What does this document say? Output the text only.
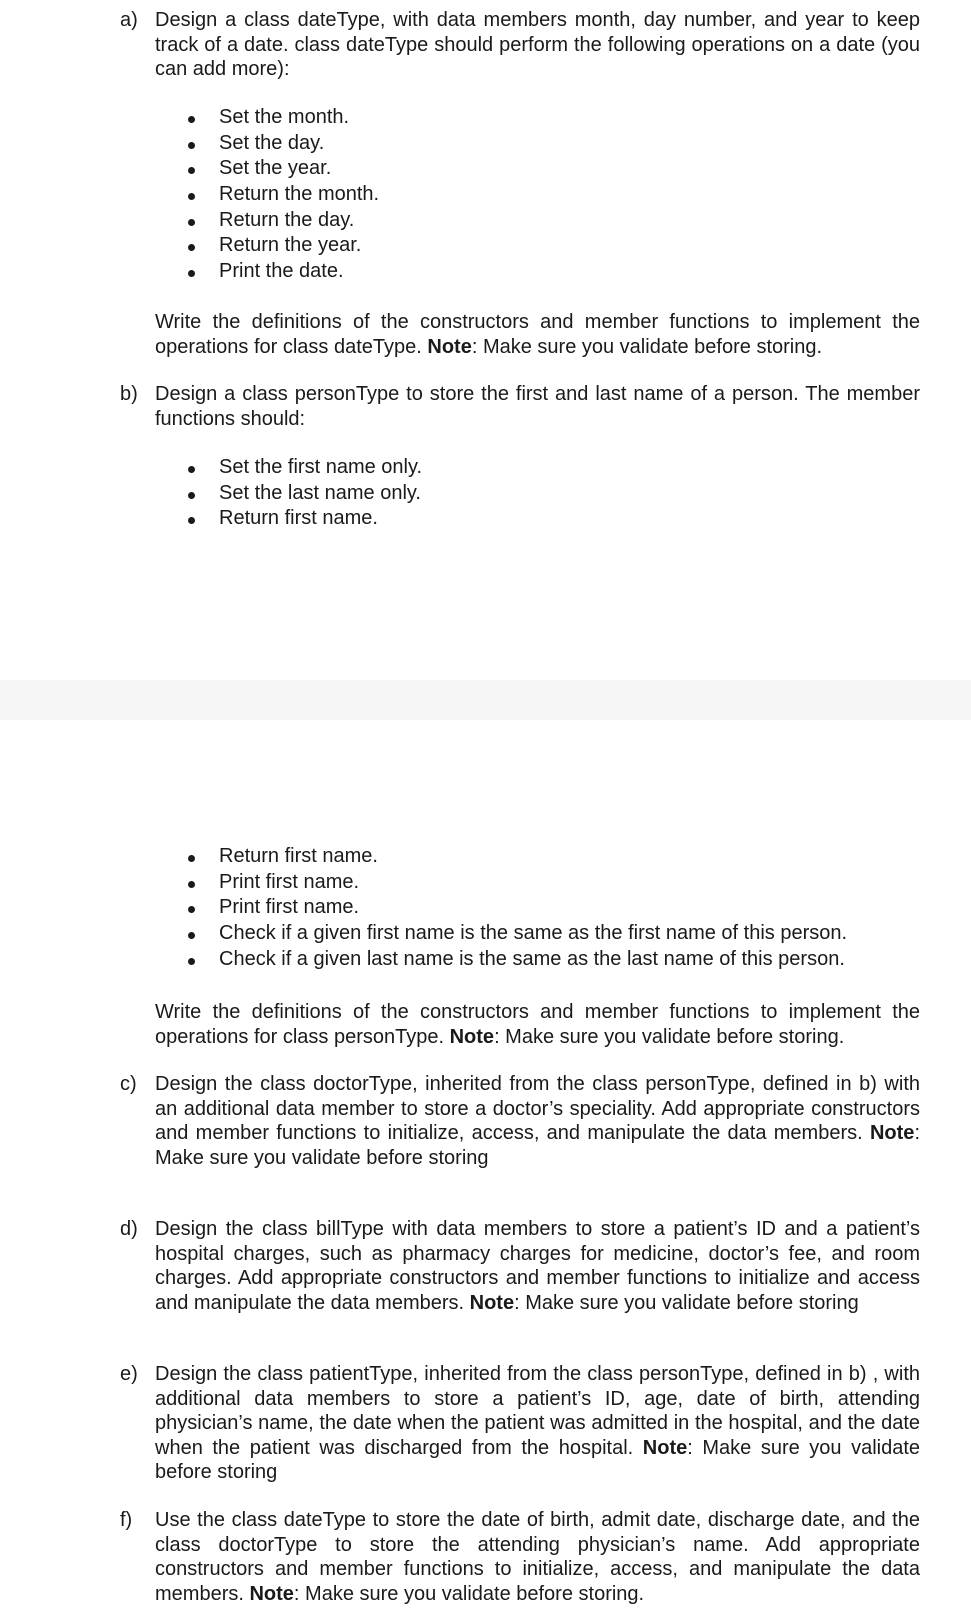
a) Design a class dateType, with data members month, day number, and year to keep track of a date. class dateType should perform the following operations on a date (you can add more):
Set the month.
Set the day.
Set the year.
Return the month.
Return the day.
Return the year.
Print the date.
Write the definitions of the constructors and member functions to implement the operations for class dateType. Note: Make sure you validate before storing.
b) Design a class personType to store the first and last name of a person. The member functions should:
Set the first name only.
Set the last name only.
Return first name.
Return first name.
Print first name.
Print first name.
Check if a given first name is the same as the first name of this person.
Check if a given last name is the same as the last name of this person.
Write the definitions of the constructors and member functions to implement the operations for class personType. Note: Make sure you validate before storing.
c) Design the class doctorType, inherited from the class personType, defined in b) with an additional data member to store a doctor’s speciality. Add appropriate constructors and member functions to initialize, access, and manipulate the data members. Note: Make sure you validate before storing
d) Design the class billType with data members to store a patient’s ID and a patient’s hospital charges, such as pharmacy charges for medicine, doctor’s fee, and room charges. Add appropriate constructors and member functions to initialize and access and manipulate the data members. Note: Make sure you validate before storing
e) Design the class patientType, inherited from the class personType, defined in b) , with additional data members to store a patient’s ID, age, date of birth, attending physician’s name, the date when the patient was admitted in the hospital, and the date when the patient was discharged from the hospital. Note: Make sure you validate before storing
f) Use the class dateType to store the date of birth, admit date, discharge date, and the class doctorType to store the attending physician’s name. Add appropriate constructors and member functions to initialize, access, and manipulate the data members. Note: Make sure you validate before storing.
